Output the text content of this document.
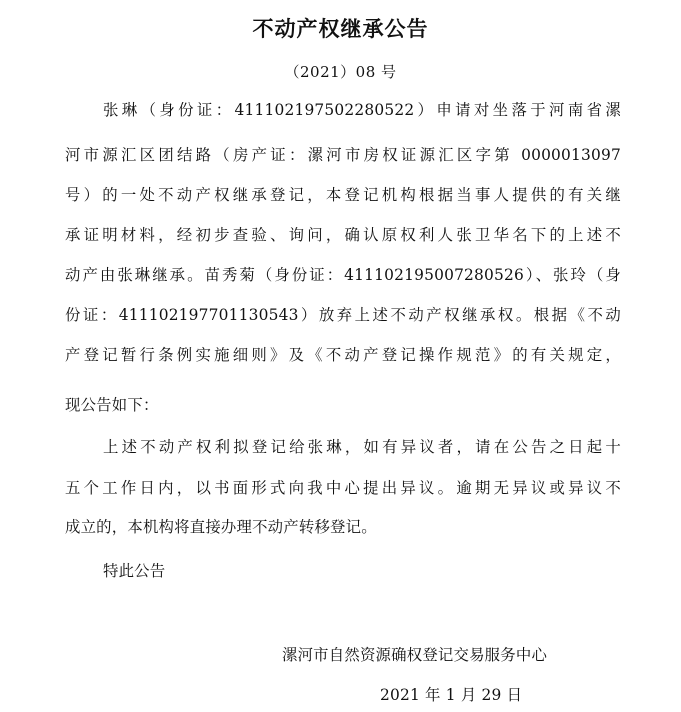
不动产权继承公告
（2021）08 号
张琳（身份证：411102197502280522）申请对坐落于河南省漯
河市源汇区团结路（房产证：漯河市房权证源汇区字第 0000013097
号）的一处不动产权继承登记，本登记机构根据当事人提供的有关继
承证明材料，经初步查验、询问，确认原权利人张卫华名下的上述不
动产由张琳继承。苗秀菊（身份证：411102195007280526）、张玲（身
份证：411102197701130543）放弃上述不动产权继承权。根据《不动
产登记暂行条例实施细则》及《不动产登记操作规范》的有关规定，
现公告如下：
上述不动产权利拟登记给张琳，如有异议者，请在公告之日起十
五个工作日内，以书面形式向我中心提出异议。逾期无异议或异议不
成立的，本机构将直接办理不动产转移登记。
特此公告
漯河市自然资源确权登记交易服务中心
2021 年 1 月 29 日
